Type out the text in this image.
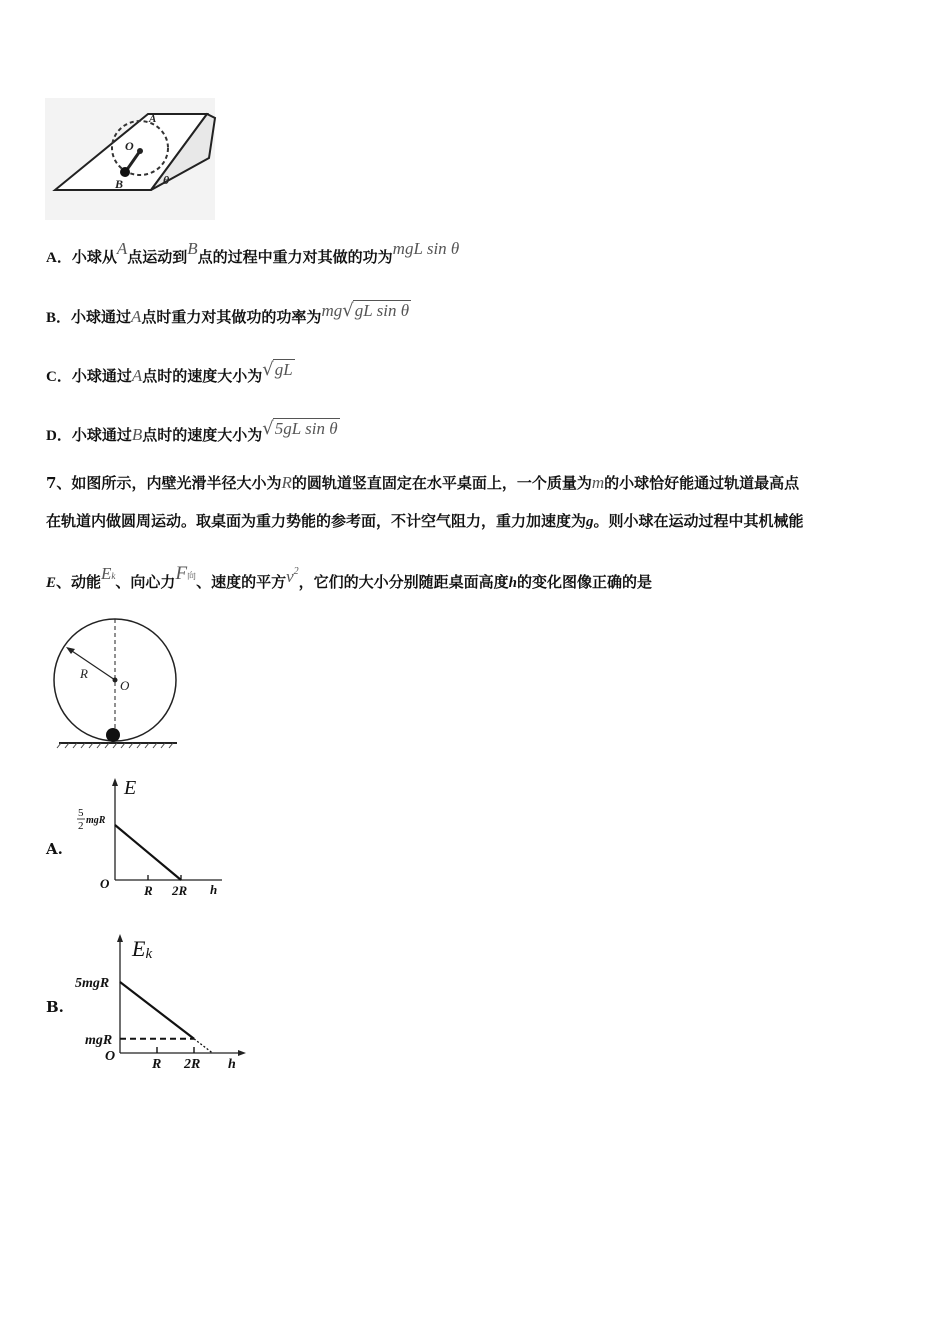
O
A
B	θ
A．小球从A点运动到B点的过程中重力对其做的功为mgL sin θ
B．小球通过A点时重力对其做功的功率为mg√gL sin θ
C．小球通过A点时的速度大小为√gL
D．小球通过B点时的速度大小为√5gL sin θ
7、如图所示，内壁光滑半径大小为R的圆轨道竖直固定在水平桌面上，一个质量为m的小球恰好能通过轨道最高点
在轨道内做圆周运动。取桌面为重力势能的参考面，不计空气阻力，重力加速度为g。则小球在运动过程中其机械能
E、动能Ek、向心力F向、速度的平方$v^2$，它们的大小分别随距桌面高度h的变化图像正确的是
R
O
A.
E
O	h
5
2 mgR
R 2R
B.
Ek
O
h
R 2R
5mgR
mgR
